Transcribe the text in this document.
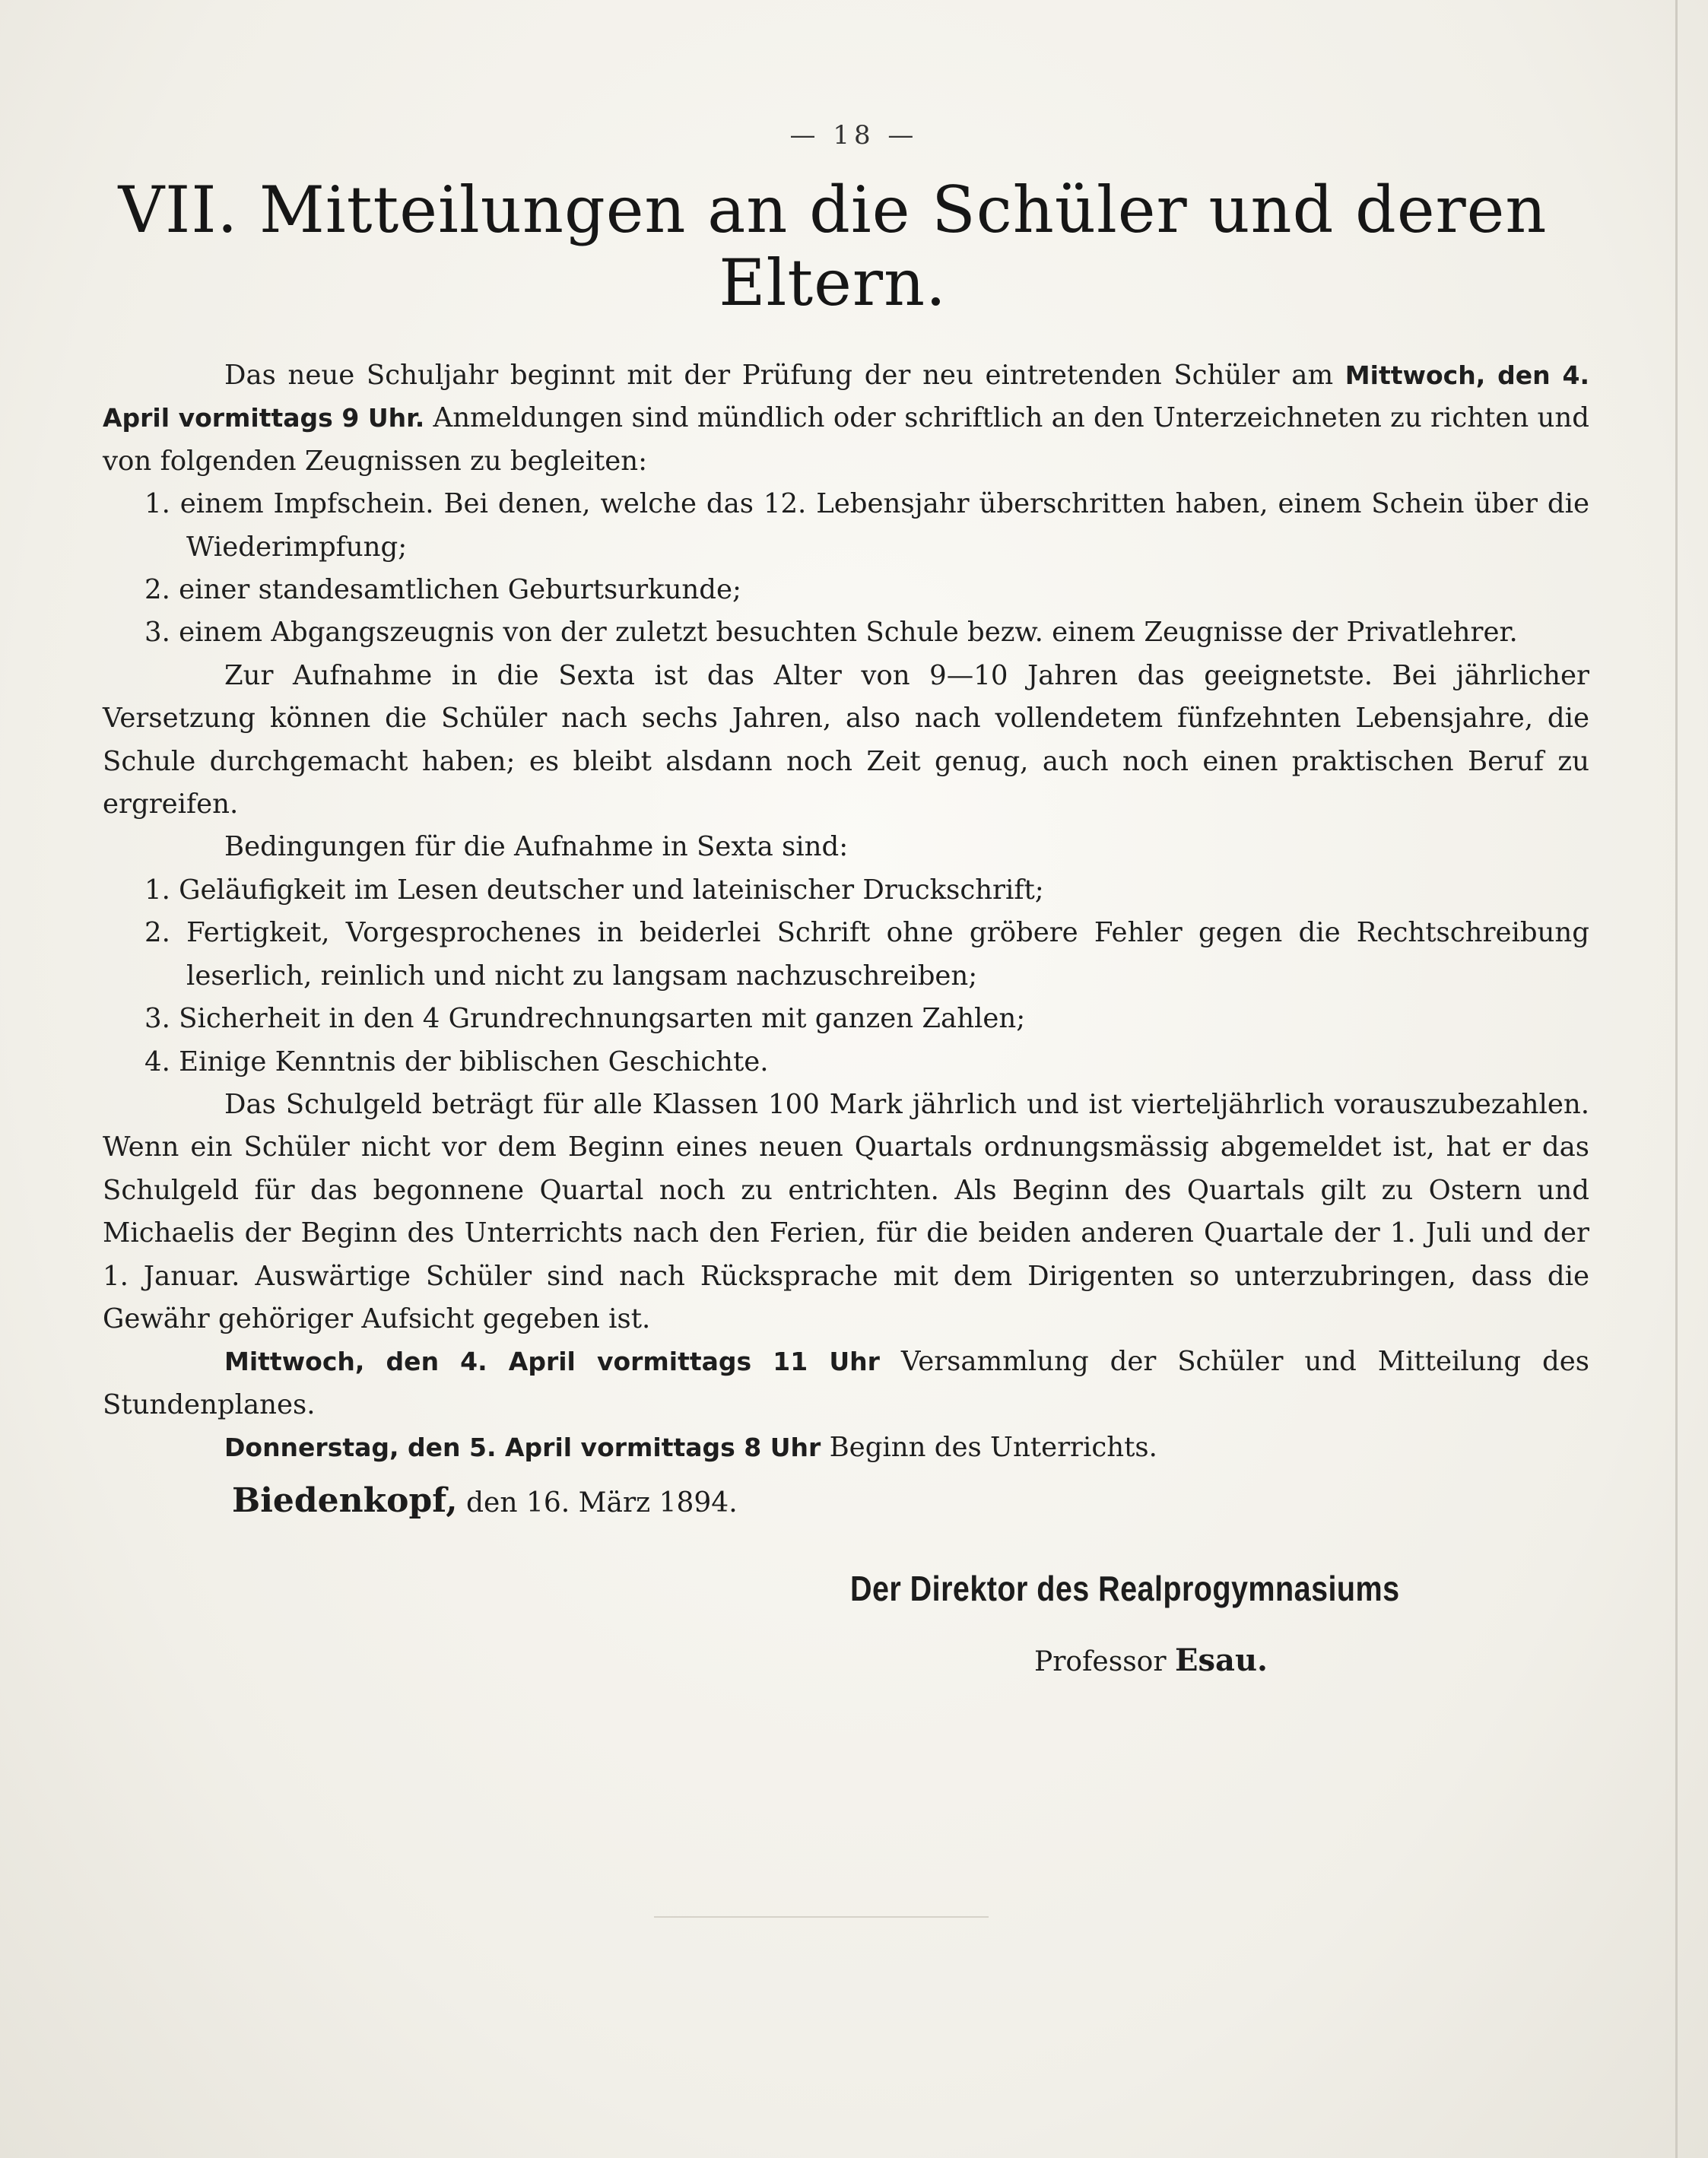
— 18 —
VII. Mitteilungen an die Schüler und deren Eltern.

Das neue Schuljahr beginnt mit der Prüfung der neu eintretenden Schüler am Mittwoch, den 4. April vormittags 9 Uhr. Anmeldungen sind mündlich oder schriftlich an den Unterzeichneten zu richten und von folgenden Zeugnissen zu begleiten:

1. einem Impfschein. Bei denen, welche das 12. Lebensjahr überschritten haben, einem Schein über die Wiederimpfung;

2. einer standesamtlichen Geburtsurkunde;

3. einem Abgangszeugnis von der zuletzt besuchten Schule bezw. einem Zeugnisse der Privatlehrer.

Zur Aufnahme in die Sexta ist das Alter von 9—10 Jahren das geeignetste. Bei jährlicher Versetzung können die Schüler nach sechs Jahren, also nach vollendetem fünfzehnten Lebensjahre, die Schule durchgemacht haben; es bleibt alsdann noch Zeit genug, auch noch einen praktischen Beruf zu ergreifen.

Bedingungen für die Aufnahme in Sexta sind:

1. Geläufigkeit im Lesen deutscher und lateinischer Druckschrift;

2. Fertigkeit, Vorgesprochenes in beiderlei Schrift ohne gröbere Fehler gegen die Rechtschreibung leserlich, reinlich und nicht zu langsam nachzuschreiben;

3. Sicherheit in den 4 Grundrechnungsarten mit ganzen Zahlen;

4. Einige Kenntnis der biblischen Geschichte.

Das Schulgeld beträgt für alle Klassen 100 Mark jährlich und ist vierteljährlich vorauszubezahlen. Wenn ein Schüler nicht vor dem Beginn eines neuen Quartals ordnungsmässig abgemeldet ist, hat er das Schulgeld für das begonnene Quartal noch zu entrichten. Als Beginn des Quartals gilt zu Ostern und Michaelis der Beginn des Unterrichts nach den Ferien, für die beiden anderen Quartale der 1. Juli und der 1. Januar. Auswärtige Schüler sind nach Rücksprache mit dem Dirigenten so unterzubringen, dass die Gewähr gehöriger Aufsicht gegeben ist.

Mittwoch, den 4. April vormittags 11 Uhr Versammlung der Schüler und Mitteilung des Stundenplanes.

Donnerstag, den 5. April vormittags 8 Uhr Beginn des Unterrichts.

Biedenkopf, den 16. März 1894.
Der Direktor des Realprogymnasiums
Professor Esau.
